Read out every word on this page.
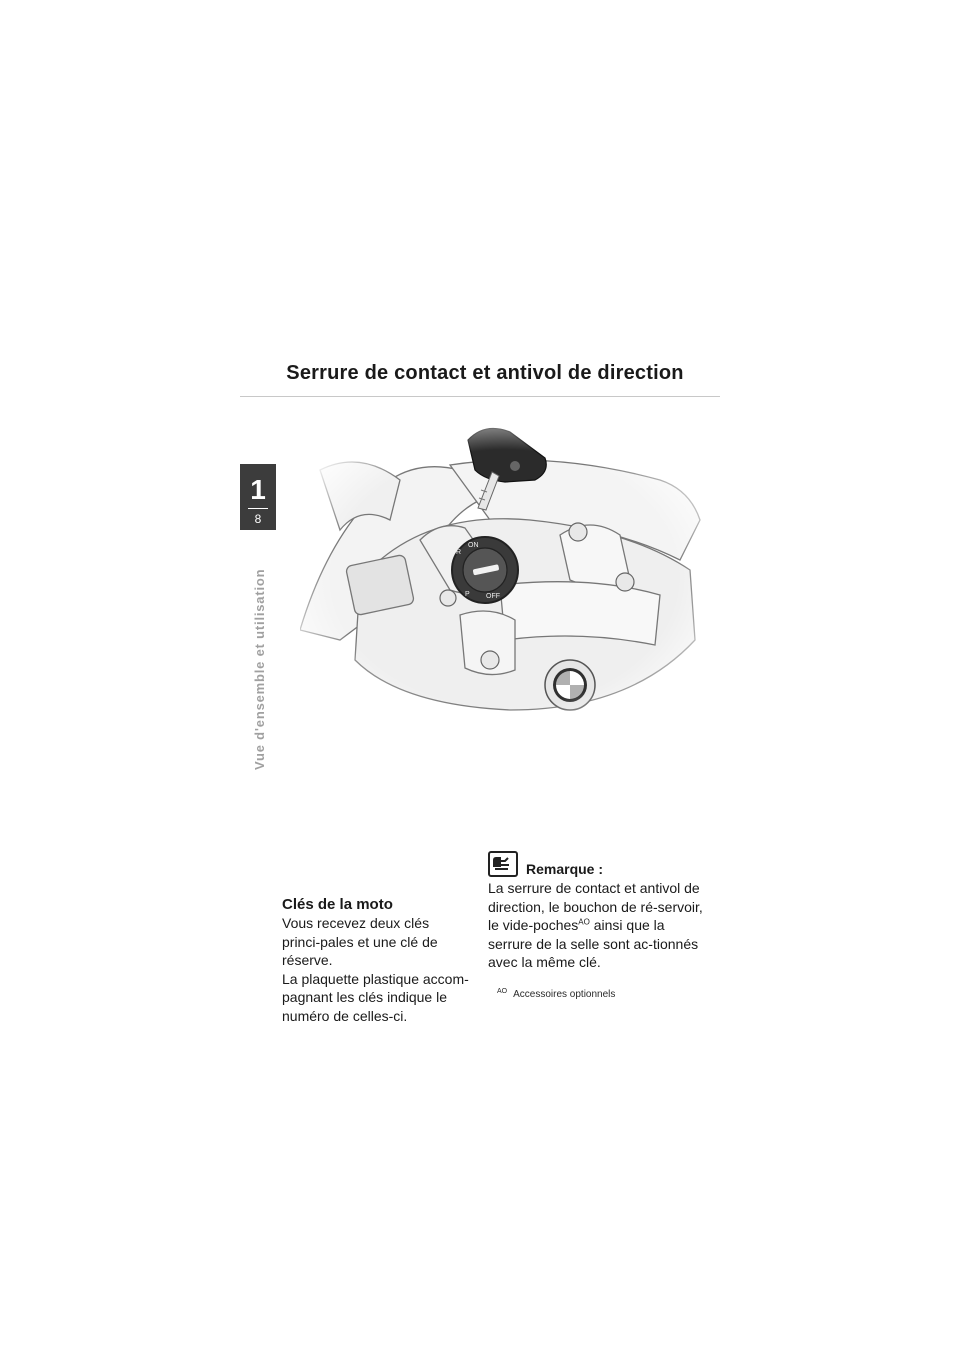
Serrure de contact et antivol de direction
1
8
Vue d'ensemble et utilisation
Clés de la moto

Vous recevez deux clés princi-pales et une clé de réserve.

La plaquette plastique accom-pagnant les clés indique le numéro de celles-ci.

Remarque :

La serrure de contact et antivol de direction, le bouchon de ré-servoir, le vide-poches$^{AO}$ ainsi que la serrure de la selle sont ac-tionnés avec la même clé.

$^{AO}$ Accessoires optionnels
